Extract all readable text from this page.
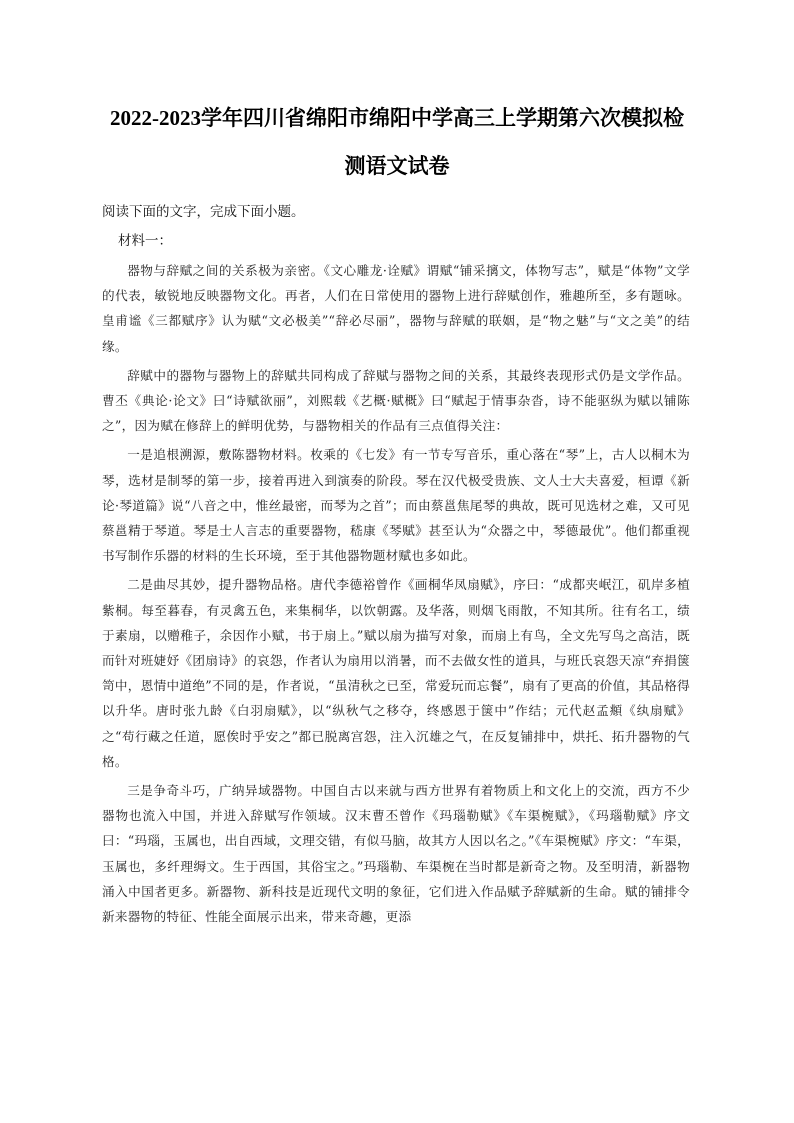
2022-2023学年四川省绵阳市绵阳中学高三上学期第六次模拟检
测语文试卷
阅读下面的文字，完成下面小题。
材料一：

器物与辞赋之间的关系极为亲密。《文心雕龙·诠赋》谓赋“铺采摛文，体物写志”，赋是“体物”文学的代表，敏锐地反映器物文化。再者，人们在日常使用的器物上进行辞赋创作，雅趣所至，多有题咏。皇甫谧《三都赋序》认为赋“文必极美”“辞必尽丽”，器物与辞赋的联姻，是“物之魅”与“文之美”的结缘。

辞赋中的器物与器物上的辞赋共同构成了辞赋与器物之间的关系，其最终表现形式仍是文学作品。曹丕《典论·论文》曰“诗赋欲丽”，刘熙载《艺概·赋概》曰“赋起于情事杂沓，诗不能驱纵为赋以铺陈之”，因为赋在修辞上的鲜明优势，与器物相关的作品有三点值得关注：

一是追根溯源，敷陈器物材料。枚乘的《七发》有一节专写音乐，重心落在“琴”上，古人以桐木为琴，选材是制琴的第一步，接着再进入到演奏的阶段。琴在汉代极受贵族、文人士大夫喜爱，桓谭《新论·琴道篇》说“八音之中，惟丝最密，而琴为之首”；而由蔡邕焦尾琴的典故，既可见选材之难，又可见蔡邕精于琴道。琴是士人言志的重要器物，嵇康《琴赋》甚至认为“众器之中，琴德最优”。他们都重视书写制作乐器的材料的生长环境，至于其他器物题材赋也多如此。

二是曲尽其妙，提升器物品格。唐代李德裕曾作《画桐华凤扇赋》，序曰：“成都夹岷江，矶岸多植紫桐。每至暮春，有灵禽五色，来集桐华，以饮朝露。及华落，则烟飞雨散，不知其所。往有名工，绩于素扇，以赠稚子，余因作小赋，书于扇上。”赋以扇为描写对象，而扇上有鸟，全文先写鸟之高洁，既而针对班婕妤《团扇诗》的哀怨，作者认为扇用以消暑，而不去做女性的道具，与班氏哀怨天凉“弃捐箧笥中，恩情中道绝”不同的是，作者说，“虽清秋之已至，常爱玩而忘餐”，扇有了更高的价值，其品格得以升华。唐时张九龄《白羽扇赋》，以“纵秋气之移夺，终感恩于箧中”作结；元代赵孟頫《纨扇赋》之“苟行藏之任道，愿俟时乎安之”都已脱离宫怨，注入沉雄之气，在反复铺排中，烘托、拓升器物的气格。

三是争奇斗巧，广纳异域器物。中国自古以来就与西方世界有着物质上和文化上的交流，西方不少器物也流入中国，并进入辞赋写作领域。汉末曹丕曾作《玛瑙勒赋》《车渠椀赋》，《玛瑙勒赋》序文曰：“玛瑙，玉属也，出自西域，文理交错，有似马脑，故其方人因以名之。”《车渠椀赋》序文：“车渠，玉属也，多纤理缛文。生于西国，其俗宝之。”玛瑙勒、车渠椀在当时都是新奇之物。及至明清，新器物涌入中国者更多。新器物、新科技是近现代文明的象征，它们进入作品赋予辞赋新的生命。赋的铺排令新来器物的特征、性能全面展示出来，带来奇趣，更添
